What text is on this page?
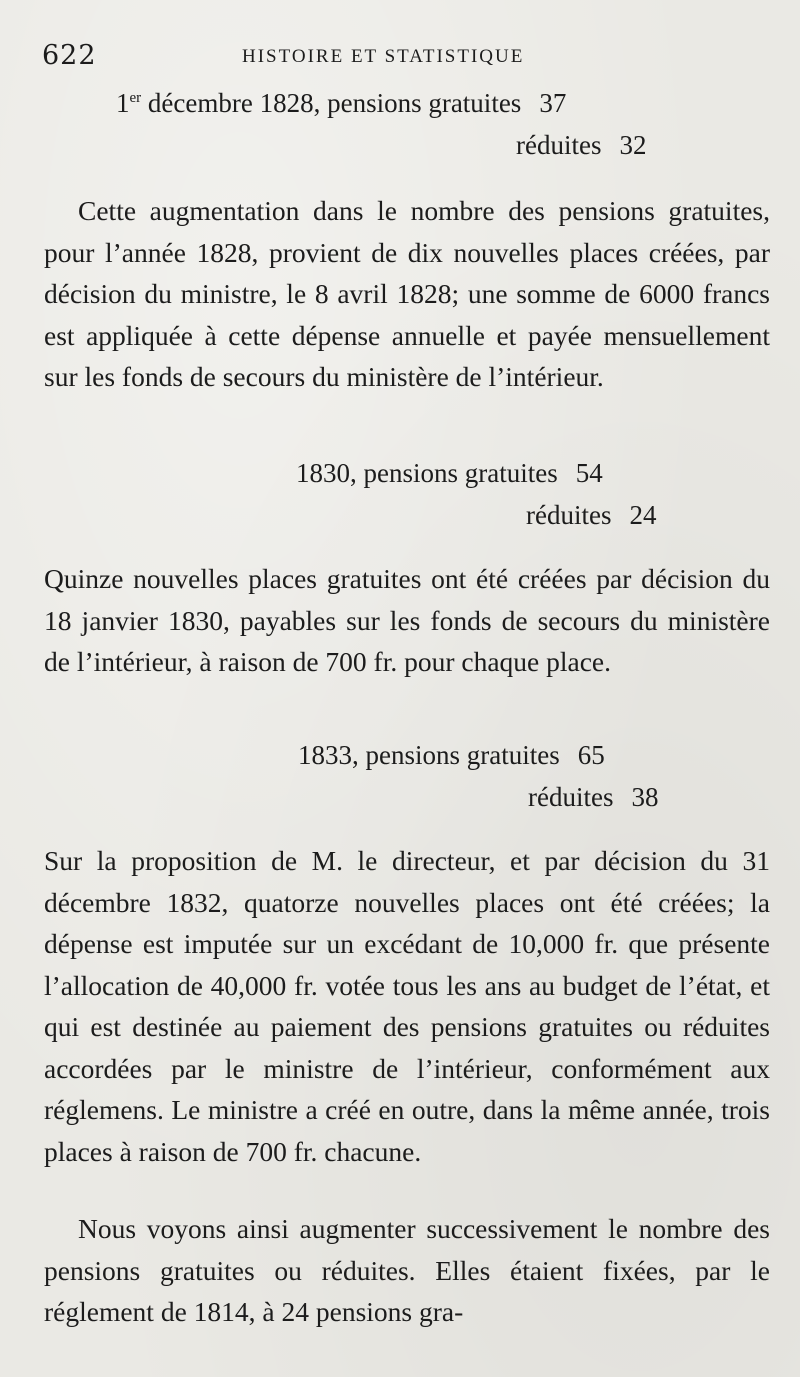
622	HISTOIRE ET STATISTIQUE
1er décembre 1828, pensions gratuites 37
réduites 32

Cette augmentation dans le nombre des pensions gratuites, pour l’année 1828, provient de dix nouvelles places créées, par décision du ministre, le 8 avril 1828; une somme de 6000 francs est appliquée à cette dépense annuelle et payée mensuellement sur les fonds de secours du ministère de l’intérieur.

1830, pensions gratuites 54
réduites 24

Quinze nouvelles places gratuites ont été créées par décision du 18 janvier 1830, payables sur les fonds de secours du ministère de l’intérieur, à raison de 700 fr. pour chaque place.

1833, pensions gratuites 65
réduites 38

Sur la proposition de M. le directeur, et par décision du 31 décembre 1832, quatorze nouvelles places ont été créées; la dépense est imputée sur un excédant de 10,000 fr. que présente l’allocation de 40,000 fr. votée tous les ans au budget de l’état, et qui est destinée au paiement des pensions gratuites ou réduites accordées par le ministre de l’intérieur, conformément aux réglemens. Le ministre a créé en outre, dans la même année, trois places à raison de 700 fr. chacune.

Nous voyons ainsi augmenter successivement le nombre des pensions gratuites ou réduites. Elles étaient fixées, par le réglement de 1814, à 24 pensions gra-
